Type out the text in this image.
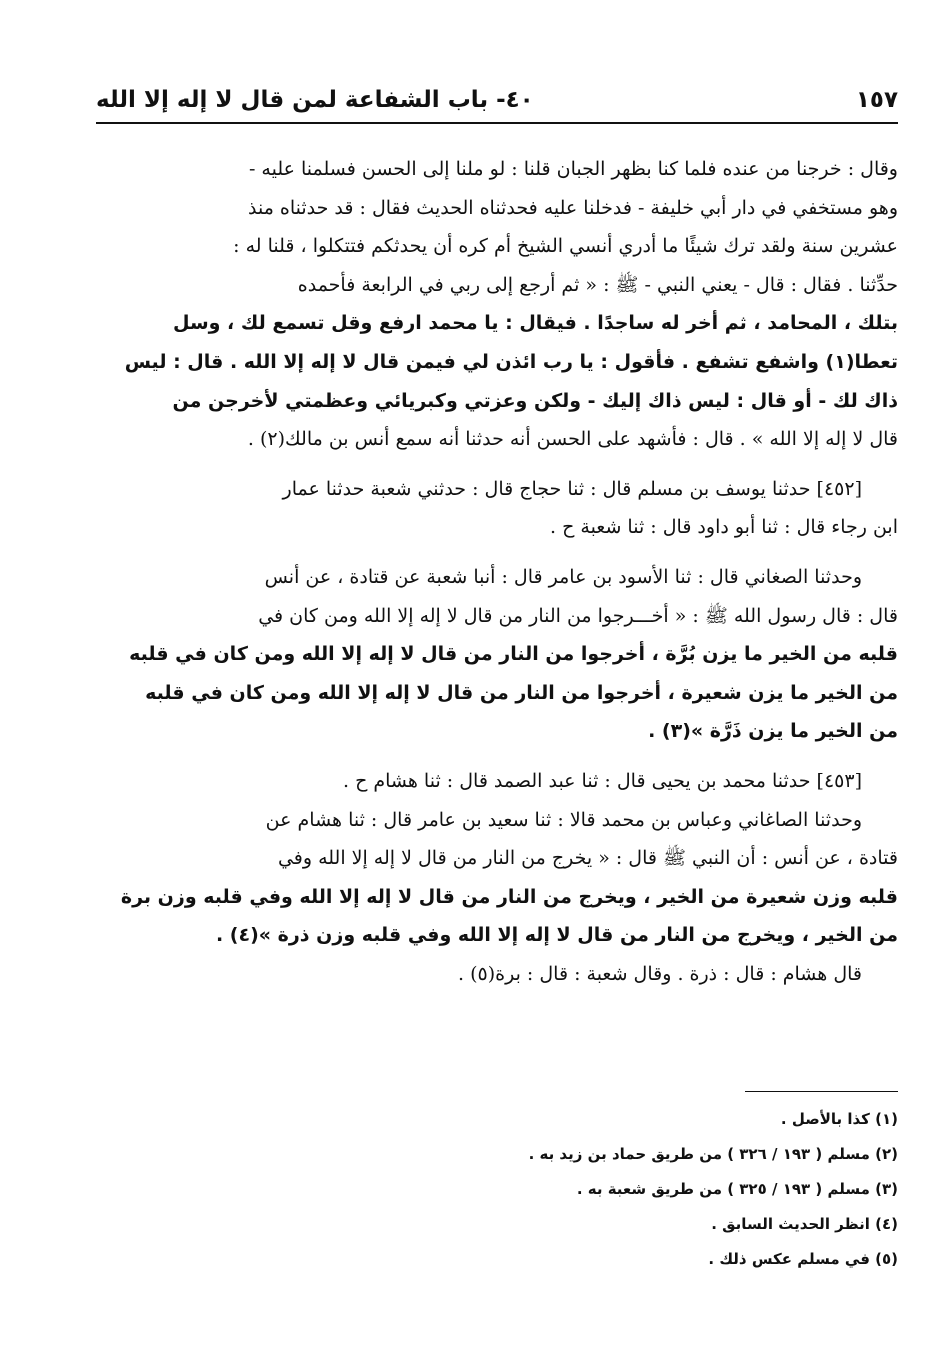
٤٠- باب الشفاعة لمن قال لا إله إلا الله	١٥٧
وقال : خرجنا من عنده فلما كنا بظهر الجبان قلنا : لو ملنا إلى الحسن فسلمنا عليه -
وهو مستخفي في دار أبي خليفة - فدخلنا عليه فحدثناه الحديث فقال : قد حدثناه منذ
عشرين سنة ولقد ترك شيئًا ما أدري أنسي الشيخ أم كره أن يحدثكم فتتكلوا ، قلنا له :
حدِّثنا . فقال : قال - يعني النبي - ﷺ : « ثم أرجع إلى ربي في الرابعة فأحمده
بتلك ، المحامد ، ثم أخر له ساجدًا . فيقال : يا محمد ارفع وقل تسمع لك ، وسل
تعطا(١) واشفع تشفع . فأقول : يا رب ائذن لي فيمن قال لا إله إلا الله . قال : ليس
ذاك لك - أو قال : ليس ذاك إليك - ولكن وعزتي وكبريائي وعظمتي لأخرجن من
قال لا إله إلا الله » . قال : فأشهد على الحسن أنه حدثنا أنه سمع أنس بن مالك(٢) .
[٤٥٢] حدثنا يوسف بن مسلم قال : ثنا حجاج قال : حدثني شعبة حدثنا عمار
ابن رجاء قال : ثنا أبو داود قال : ثنا شعبة ح .
وحدثنا الصغاني قال : ثنا الأسود بن عامر قال : أنبا شعبة عن قتادة ، عن أنس
قال : قال رسول الله ﷺ : « أخـــرجوا من النار من قال لا إله إلا الله ومن كان في
قلبه من الخير ما يزن بُرَّة ، أخرجوا من النار من قال لا إله إلا الله ومن كان في قلبه
من الخير ما يزن شعيرة ، أخرجوا من النار من قال لا إله إلا الله ومن كان في قلبه
من الخير ما يزن ذَرَّة »(٣) .
[٤٥٣] حدثنا محمد بن يحيى قال : ثنا عبد الصمد قال : ثنا هشام ح .
وحدثنا الصاغاني وعباس بن محمد قالا : ثنا سعيد بن عامر قال : ثنا هشام عن
قتادة ، عن أنس : أن النبي ﷺ قال : « يخرج من النار من قال لا إله إلا الله وفي
قلبه وزن شعيرة من الخير ، ويخرج من النار من قال لا إله إلا الله وفي قلبه وزن برة
من الخير ، ويخرج من النار من قال لا إله إلا الله وفي قلبه وزن ذرة »(٤) .
قال هشام : قال : ذرة . وقال شعبة : قال : برة(٥) .
(١) كذا بالأصل .
(٢) مسلم ( ١٩٣ / ٣٢٦ ) من طريق حماد بن زيد به .
(٣) مسلم ( ١٩٣ / ٣٢٥ ) من طريق شعبة به .
(٤) انظر الحديث السابق .
(٥) في مسلم عكس ذلك .
